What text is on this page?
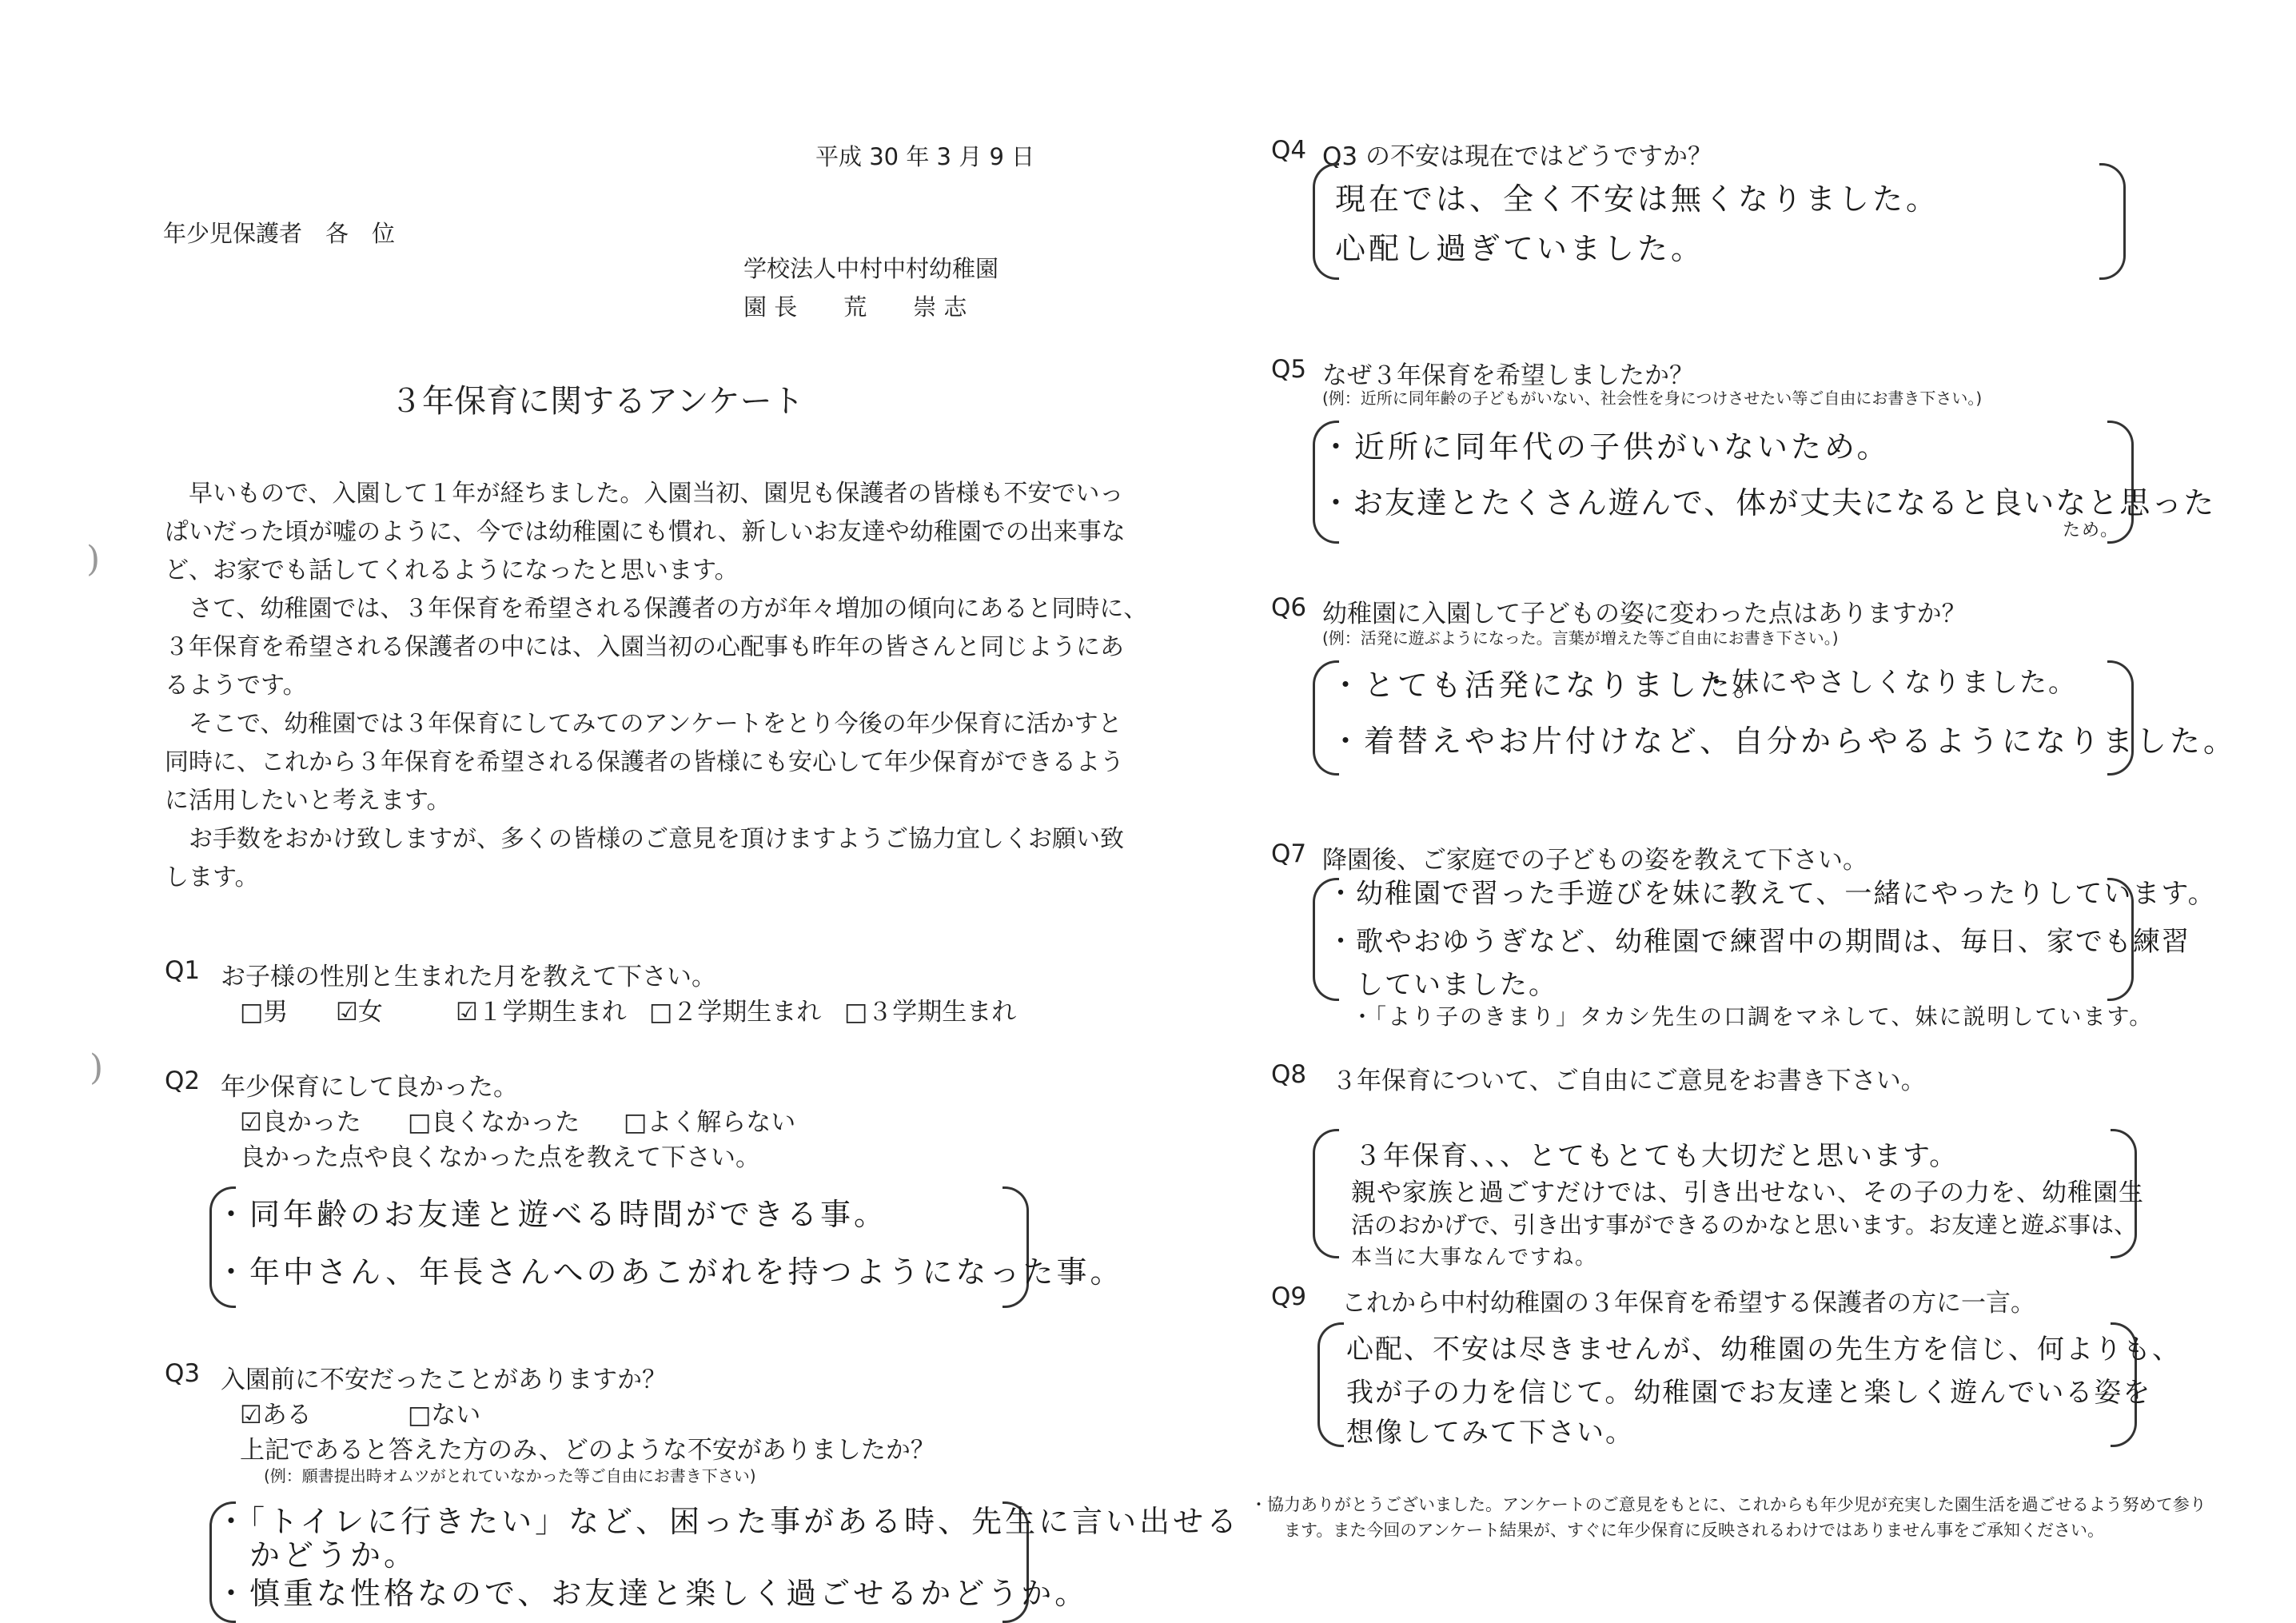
平成 30 年 3 月 9 日
年少児保護者　各　位
学校法人中村中村幼稚園
園 長　　荒　　崇 志
３年保育に関するアンケート
　早いもので、入園して１年が経ちました。入園当初、園児も保護者の皆様も不安でいっ
ぱいだった頃が嘘のように、今では幼稚園にも慣れ、新しいお友達や幼稚園での出来事な
ど、お家でも話してくれるようになったと思います。
　さて、幼稚園では、３年保育を希望される保護者の方が年々増加の傾向にあると同時に、
３年保育を希望される保護者の中には、入園当初の心配事も昨年の皆さんと同じようにあ
るようです。
　そこで、幼稚園では３年保育にしてみてのアンケートをとり今後の年少保育に活かすと
同時に、これから３年保育を希望される保護者の皆様にも安心して年少保育ができるよう
に活用したいと考えます。
　お手数をおかけ致しますが、多くの皆様のご意見を頂けますようご協力宜しくお願い致
します。
Q1 お子様の性別と生まれた月を教えて下さい。
□男 ☑女	☑１学期生まれ □２学期生まれ □３学期生まれ
Q2 年少保育にして良かった。
☑良かった □良くなかった □よく解らない
良かった点や良くなかった点を教えて下さい。
・同年齢のお友達と遊べる時間ができる事。
・年中さん、年長さんへのあこがれを持つようになった事。
Q3 入園前に不安だったことがありますか？
☑ある	□ない
上記であると答えた方のみ、どのような不安がありましたか？
(例：願書提出時オムツがとれていなかった等ご自由にお書き下さい)
・「トイレに行きたい」など、困った事がある時、先生に言い出せる
　かどうか。
・慎重な性格なので、お友達と楽しく過ごせるかどうか。
)
)
Q4 Q3 の不安は現在ではどうですか？
現在では、全く不安は無くなりました。
心配し過ぎていました。
Q5 なぜ３年保育を希望しましたか？
(例：近所に同年齢の子どもがいない、社会性を身につけさせたい等ご自由にお書き下さい。)
・近所に同年代の子供がいないため。
・お友達とたくさん遊んで、体が丈夫になると良いなと思った
ため。
Q6 幼稚園に入園して子どもの姿に変わった点はありますか？
(例：活発に遊ぶようになった。言葉が増えた等ご自由にお書き下さい。)
・とても活発になりました。
・妹にやさしくなりました。
・着替えやお片付けなど、自分からやるようになりました。
Q7 降園後、ご家庭での子どもの姿を教えて下さい。
・幼稚園で習った手遊びを妹に教えて、一緒にやったりしています。
・歌やおゆうぎなど、幼稚園で練習中の期間は、毎日、家でも練習
　していました。
・「より子のきまり」タカシ先生の口調をマネして、妹に説明しています。
Q8 ３年保育について、ご自由にご意見をお書き下さい。
３年保育、、、とてもとても大切だと思います。
親や家族と過ごすだけでは、引き出せない、その子の力を、幼稚園生
活のおかげで、引き出す事ができるのかなと思います。お友達と遊ぶ事は、
本当に大事なんですね。
Q9 これから中村幼稚園の３年保育を希望する保護者の方に一言。
心配、不安は尽きませんが、幼稚園の先生方を信じ、何よりも、
我が子の力を信じて。幼稚園でお友達と楽しく遊んでいる姿を
想像してみて下さい。
・協力ありがとうございました。アンケートのご意見をもとに、これからも年少児が充実した園生活を過ごせるよう努めて参り
ます。また今回のアンケート結果が、すぐに年少保育に反映されるわけではありません事をご承知ください。
